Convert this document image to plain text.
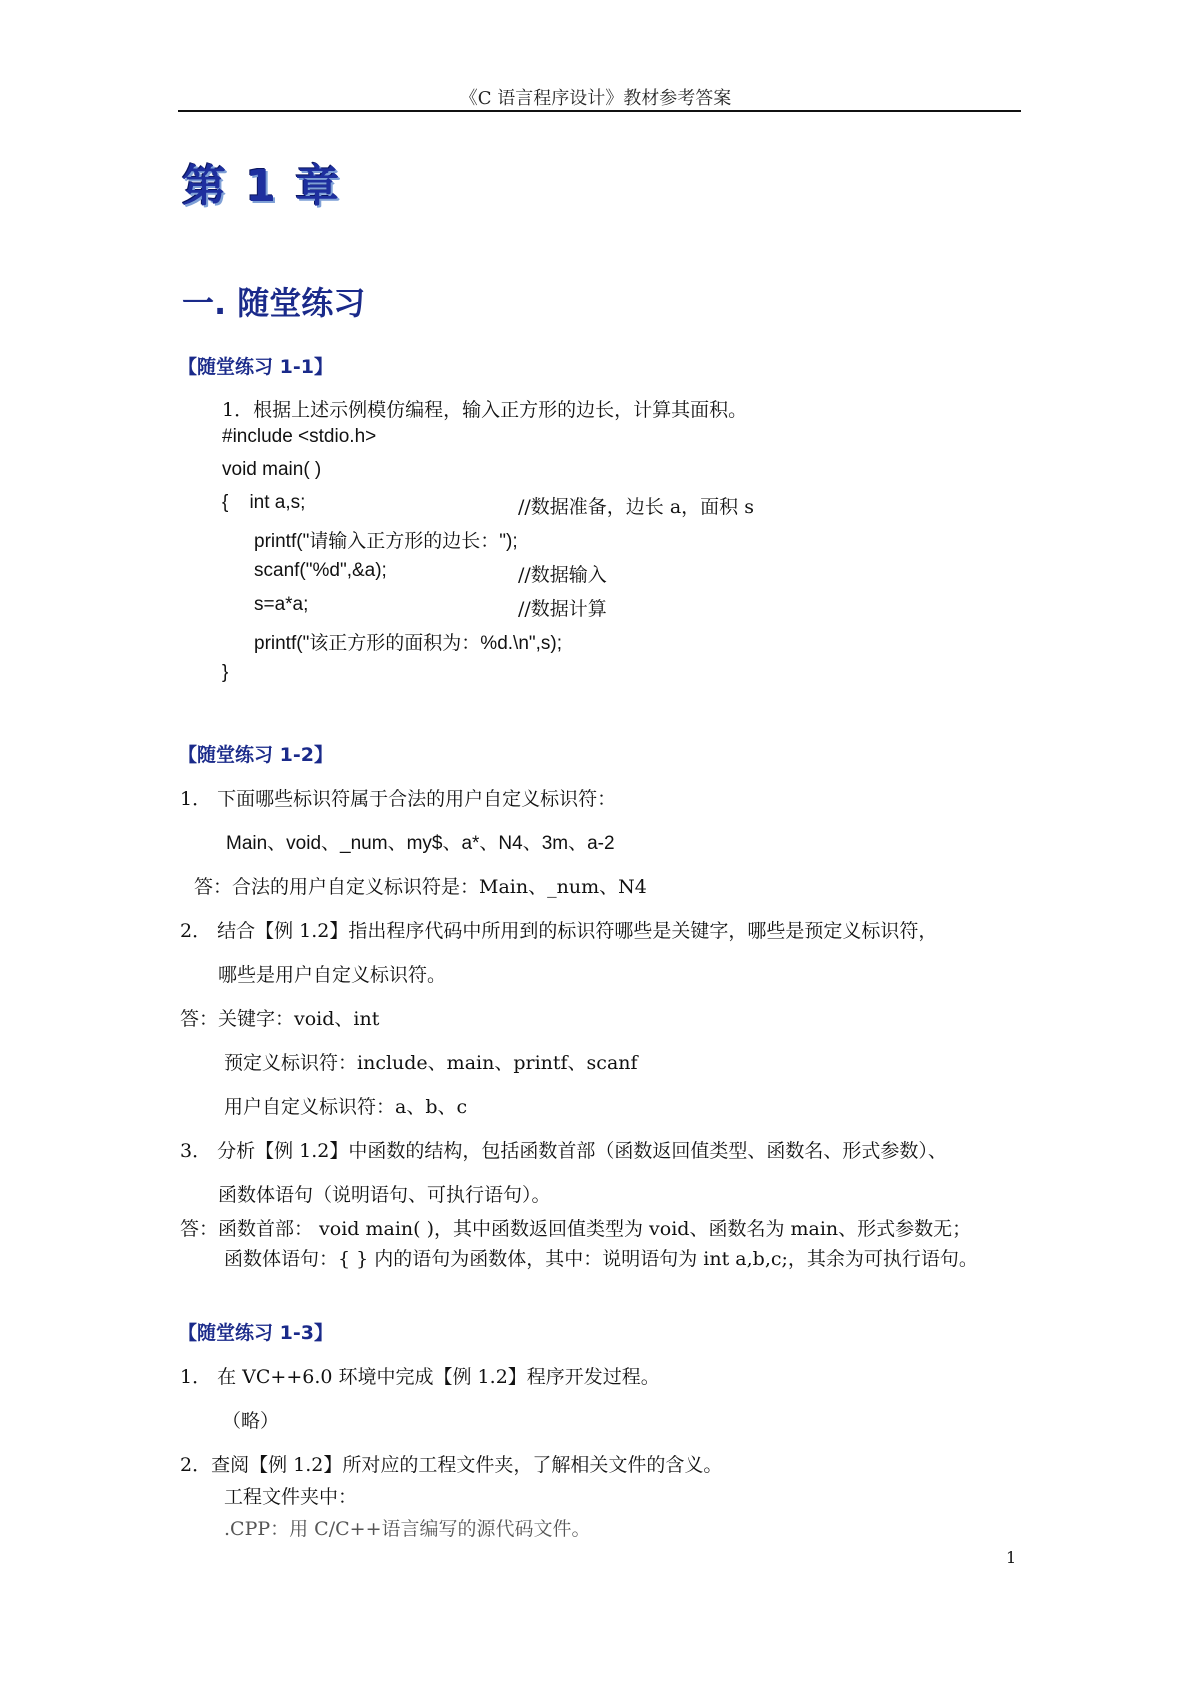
《C 语言程序设计》教材参考答案
第 1 章
一. 随堂练习
【随堂练习 1-1】
1．根据上述示例模仿编程，输入正方形的边长，计算其面积。
#include <stdio.h>
void main( )
{    int a,s;
printf("请输入正方形的边长：");
scanf("%d",&a);
s=a*a;
printf("该正方形的面积为：%d.\n",s);
}
//数据准备，边长 a，面积 s
//数据输入
//数据计算
【随堂练习 1-2】
1． 下面哪些标识符属于合法的用户自定义标识符：
Main、void、_num、my$、a*、N4、3m、a-2
答：合法的用户自定义标识符是：Main、_num、N4
2． 结合【例 1.2】指出程序代码中所用到的标识符哪些是关键字，哪些是预定义标识符，
哪些是用户自定义标识符。
答：关键字：void、int
预定义标识符：include、main、printf、scanf
用户自定义标识符：a、b、c
3． 分析【例 1.2】中函数的结构，包括函数首部（函数返回值类型、函数名、形式参数）、
函数体语句（说明语句、可执行语句）。
答：函数首部： void main( )，其中函数返回值类型为 void、函数名为 main、形式参数无；
函数体语句：{ } 内的语句为函数体，其中：说明语句为 int a,b,c;，其余为可执行语句。
【随堂练习 1-3】
1． 在 VC++6.0 环境中完成【例 1.2】程序开发过程。
（略）
2．查阅【例 1.2】所对应的工程文件夹，了解相关文件的含义。
工程文件夹中：
.CPP：用 C/C++语言编写的源代码文件。
1
